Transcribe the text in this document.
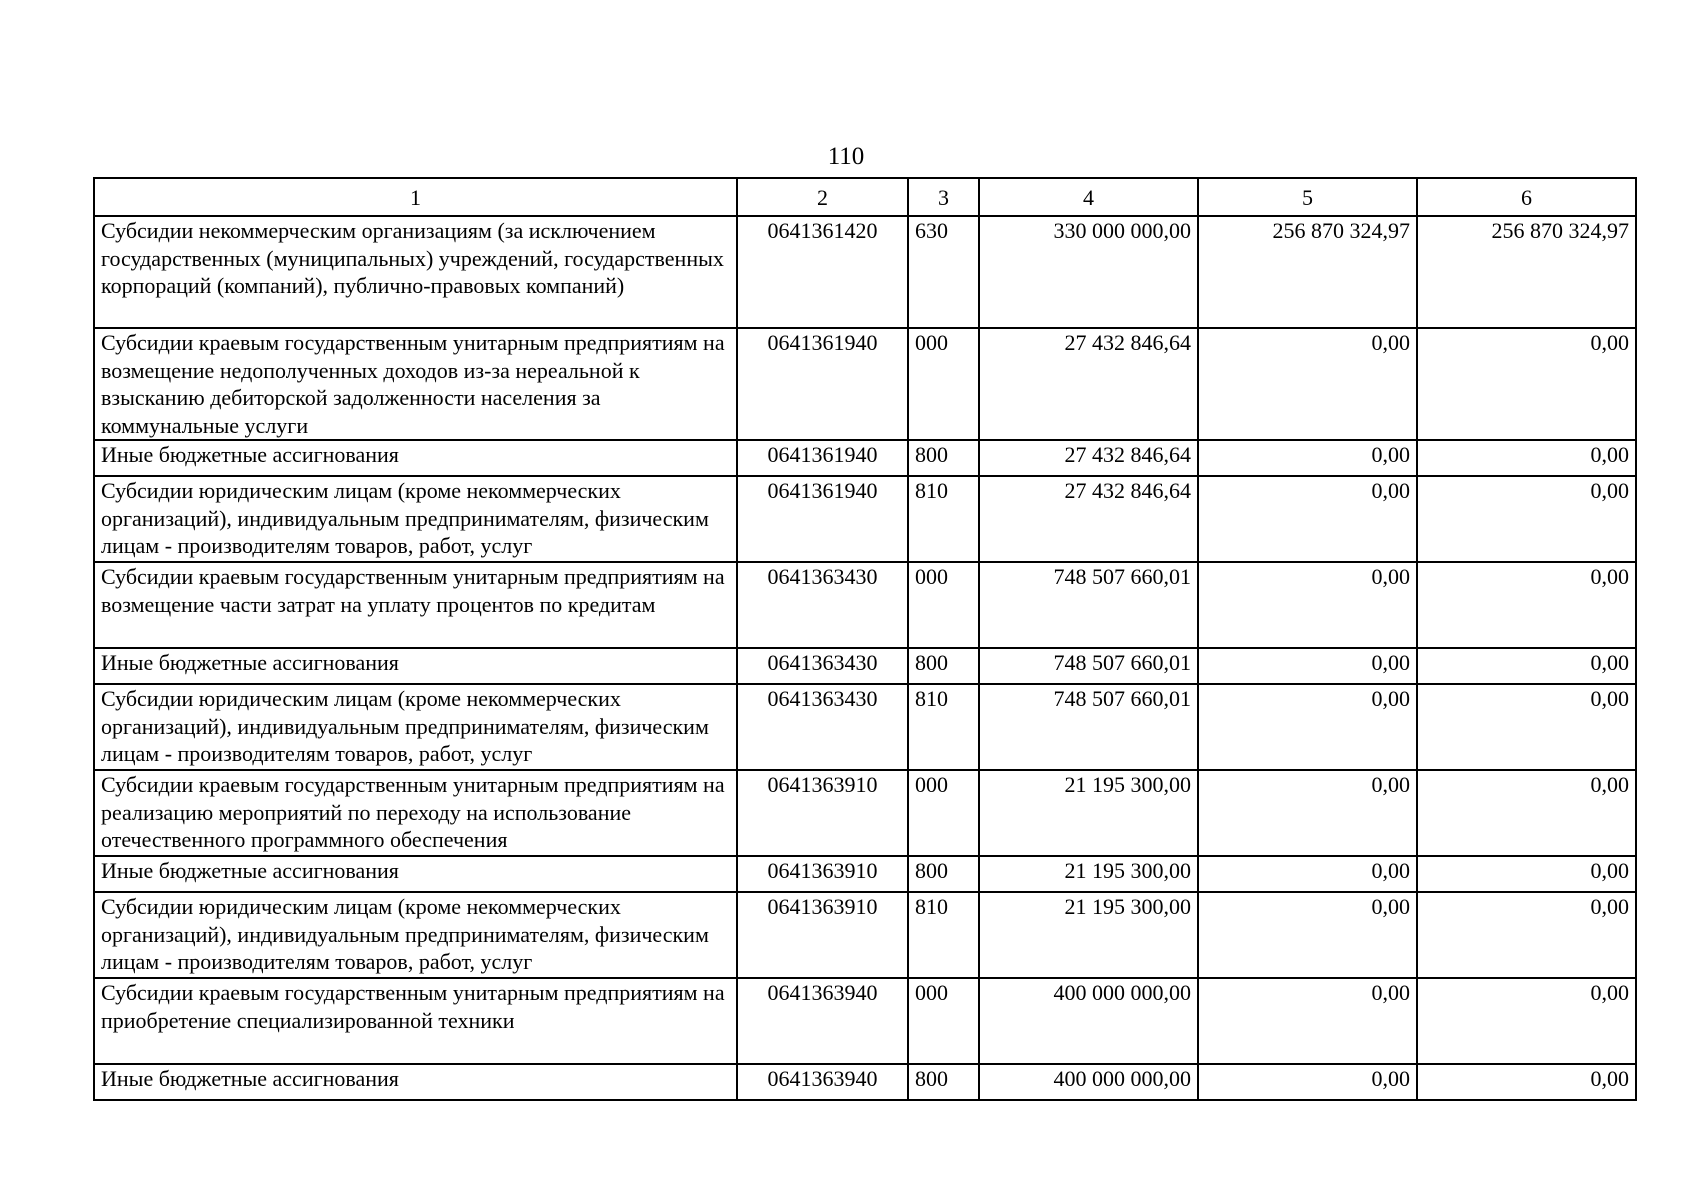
110
1	2	3	4	5	6
Субсидии некоммерческим организациям (за исключением государственных (муниципальных) учреждений, государственных корпораций (компаний), публично-правовых компаний)	0641361420	630	330 000 000,00	256 870 324,97	256 870 324,97
Субсидии краевым государственным унитарным предприятиям на возмещение недополученных доходов из-за нереальной к взысканию дебиторской задолженности населения за коммунальные услуги	0641361940	000	27 432 846,64	0,00	0,00
Иные бюджетные ассигнования	0641361940	800	27 432 846,64	0,00	0,00
Субсидии юридическим лицам (кроме некоммерческих организаций), индивидуальным предпринимателям, физическим лицам - производителям товаров, работ, услуг	0641361940	810	27 432 846,64	0,00	0,00
Субсидии краевым государственным унитарным предприятиям на возмещение части затрат на уплату процентов по кредитам	0641363430	000	748 507 660,01	0,00	0,00
Иные бюджетные ассигнования	0641363430	800	748 507 660,01	0,00	0,00
Субсидии юридическим лицам (кроме некоммерческих организаций), индивидуальным предпринимателям, физическим лицам - производителям товаров, работ, услуг	0641363430	810	748 507 660,01	0,00	0,00
Субсидии краевым государственным унитарным предприятиям на реализацию мероприятий по переходу на использование отечественного программного обеспечения	0641363910	000	21 195 300,00	0,00	0,00
Иные бюджетные ассигнования	0641363910	800	21 195 300,00	0,00	0,00
Субсидии юридическим лицам (кроме некоммерческих организаций), индивидуальным предпринимателям, физическим лицам - производителям товаров, работ, услуг	0641363910	810	21 195 300,00	0,00	0,00
Субсидии краевым государственным унитарным предприятиям на приобретение специализированной техники	0641363940	000	400 000 000,00	0,00	0,00
Иные бюджетные ассигнования	0641363940	800	400 000 000,00	0,00	0,00
